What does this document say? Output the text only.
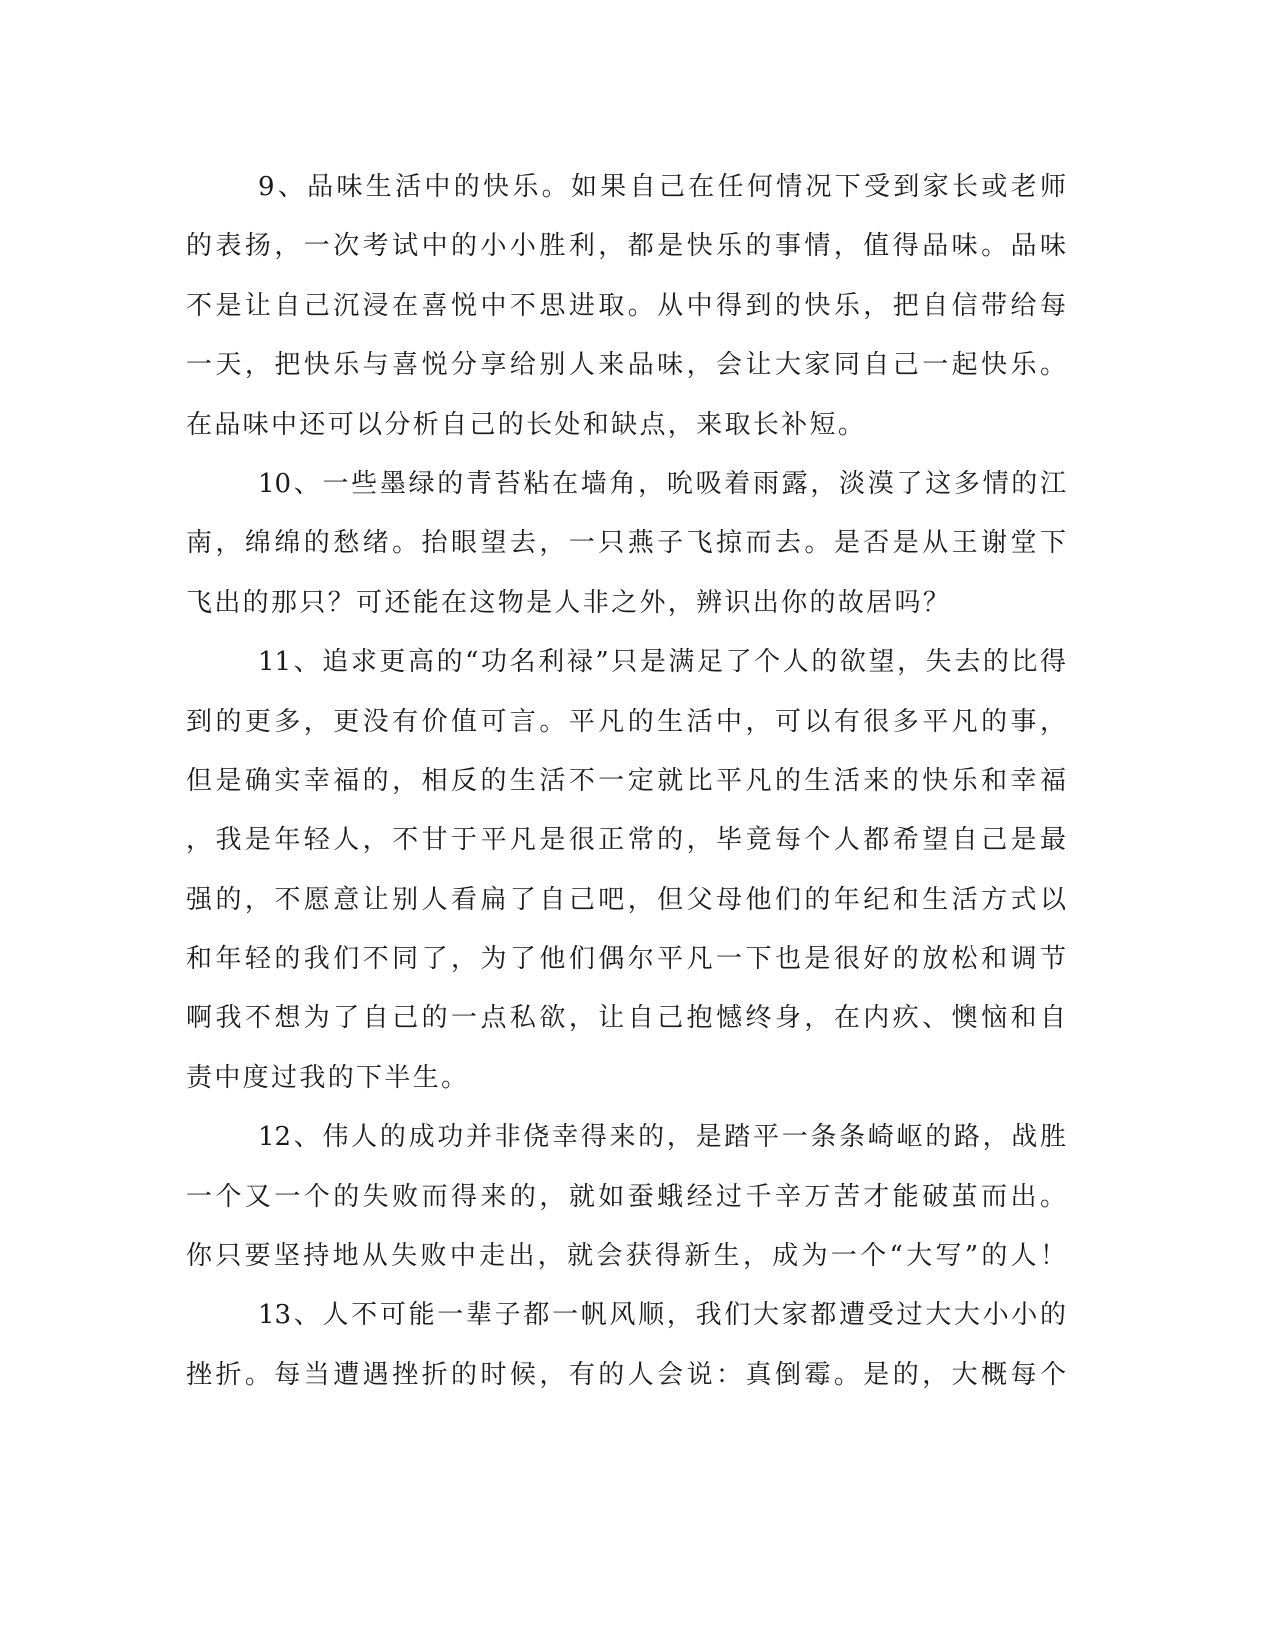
9、品味生活中的快乐。如果自己在任何情况下受到家长或老师
的表扬，一次考试中的小小胜利，都是快乐的事情，值得品味。品味
不是让自己沉浸在喜悦中不思进取。从中得到的快乐，把自信带给每
一天，把快乐与喜悦分享给别人来品味，会让大家同自己一起快乐。
在品味中还可以分析自己的长处和缺点，来取长补短。
10、一些墨绿的青苔粘在墙角，吮吸着雨露，淡漠了这多情的江
南，绵绵的愁绪。抬眼望去，一只燕子飞掠而去。是否是从王谢堂下
飞出的那只？可还能在这物是人非之外，辨识出你的故居吗？
11、追求更高的“功名利禄”只是满足了个人的欲望，失去的比得
到的更多，更没有价值可言。平凡的生活中，可以有很多平凡的事，
但是确实幸福的，相反的生活不一定就比平凡的生活来的快乐和幸福
，我是年轻人，不甘于平凡是很正常的，毕竟每个人都希望自己是最
强的，不愿意让别人看扁了自己吧，但父母他们的年纪和生活方式以
和年轻的我们不同了，为了他们偶尔平凡一下也是很好的放松和调节
啊我不想为了自己的一点私欲，让自己抱憾终身，在内疚、懊恼和自
责中度过我的下半生。
12、伟人的成功并非侥幸得来的，是踏平一条条崎岖的路，战胜
一个又一个的失败而得来的，就如蚕蛾经过千辛万苦才能破茧而出。
你只要坚持地从失败中走出，就会获得新生，成为一个“大写”的人！
13、人不可能一辈子都一帆风顺，我们大家都遭受过大大小小的
挫折。每当遭遇挫折的时候，有的人会说：真倒霉。是的，大概每个
